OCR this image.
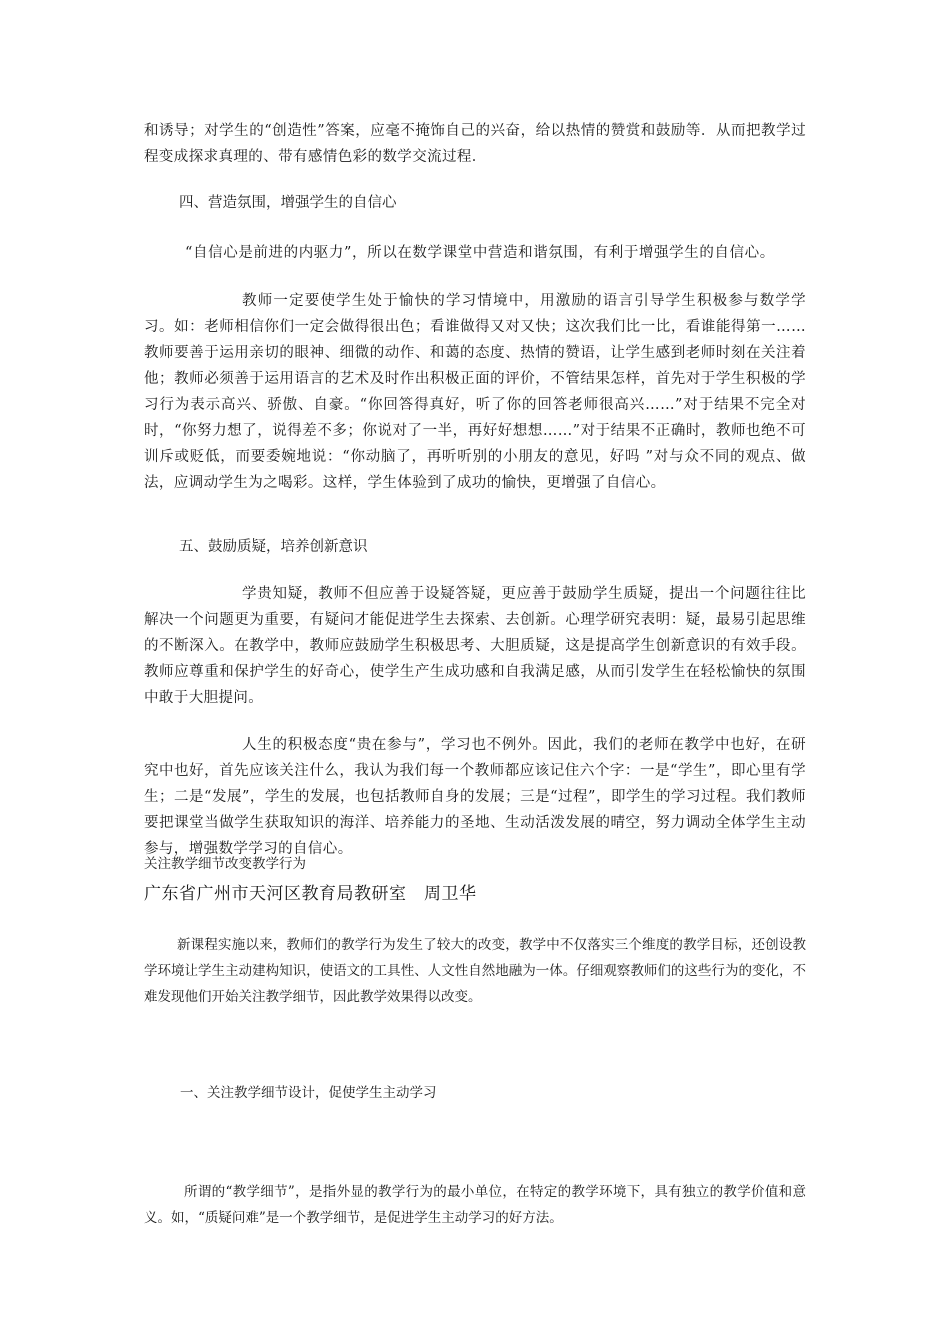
和诱导；对学生的“创造性”答案，应毫不掩饰自己的兴奋，给以热情的赞赏和鼓励等．从而把教学过程变成探求真理的、带有感情色彩的数学交流过程．

四、营造氛围，增强学生的自信心

“自信心是前进的内驱力”，所以在数学课堂中营造和谐氛围，有利于增强学生的自信心。

教师一定要使学生处于愉快的学习情境中，用激励的语言引导学生积极参与数学学习。如：老师相信你们一定会做得很出色；看谁做得又对又快；这次我们比一比，看谁能得第一……教师要善于运用亲切的眼神、细微的动作、和蔼的态度、热情的赞语，让学生感到老师时刻在关注着他；教师必须善于运用语言的艺术及时作出积极正面的评价，不管结果怎样，首先对于学生积极的学习行为表示高兴、骄傲、自豪。“你回答得真好，听了你的回答老师很高兴……”对于结果不完全对时，“你努力想了，说得差不多；你说对了一半，再好好想想……”对于结果不正确时，教师也绝不可训斥或贬低，而要委婉地说：“你动脑了，再听听别的小朋友的意见，好吗 ”对与众不同的观点、做法，应调动学生为之喝彩。这样，学生体验到了成功的愉快，更增强了自信心。

五、鼓励质疑，培养创新意识

学贵知疑，教师不但应善于设疑答疑，更应善于鼓励学生质疑，提出一个问题往往比解决一个问题更为重要，有疑问才能促进学生去探索、去创新。心理学研究表明：疑，最易引起思维的不断深入。在教学中，教师应鼓励学生积极思考、大胆质疑，这是提高学生创新意识的有效手段。教师应尊重和保护学生的好奇心，使学生产生成功感和自我满足感，从而引发学生在轻松愉快的氛围中敢于大胆提问。

人生的积极态度“贵在参与”，学习也不例外。因此，我们的老师在教学中也好，在研究中也好，首先应该关注什么，我认为我们每一个教师都应该记住六个字：一是“学生”，即心里有学生；二是“发展”，学生的发展，也包括教师自身的发展；三是“过程”，即学生的学习过程。我们教师要把课堂当做学生获取知识的海洋、培养能力的圣地、生动活泼发展的晴空，努力调动全体学生主动参与，增强数学学习的自信心。

关注教学细节改变教学行为

广东省广州市天河区教育局教研室　周卫华

新课程实施以来，教师们的教学行为发生了较大的改变，教学中不仅落实三个维度的教学目标，还创设教学环境让学生主动建构知识，使语文的工具性、人文性自然地融为一体。仔细观察教师们的这些行为的变化，不难发现他们开始关注教学细节，因此教学效果得以改变。

一、关注教学细节设计，促使学生主动学习

所谓的“教学细节”，是指外显的教学行为的最小单位，在特定的教学环境下，具有独立的教学价值和意义。如，“质疑问难”是一个教学细节，是促进学生主动学习的好方法。
